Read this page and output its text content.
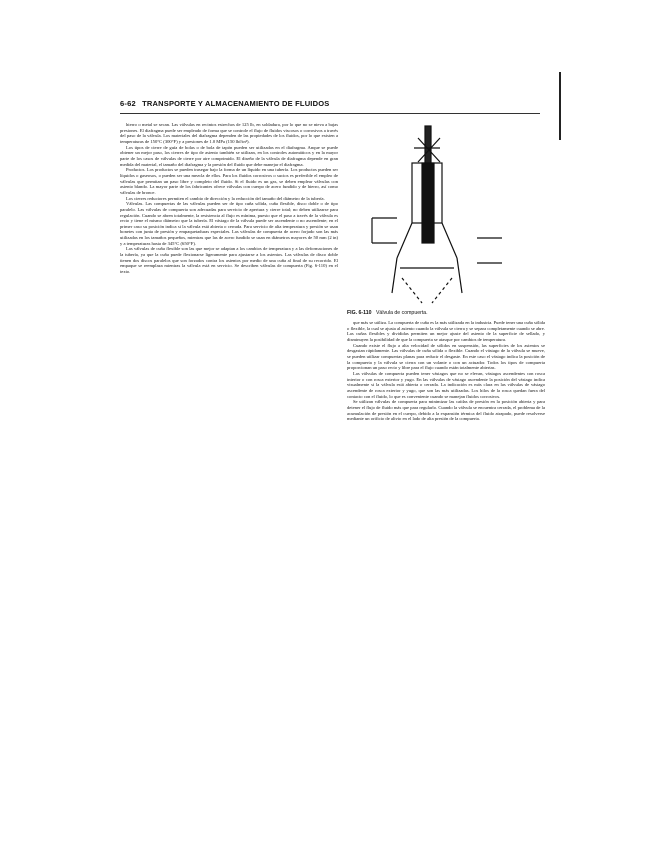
6-62 TRANSPORTE Y ALMACENAMIENTO DE FLUIDOS

hierro o metal se secan. Las válvulas en recintos estrechos de 125 lb, en soldadura, por lo que no se nieva a bajas presiones. El diafragma puede ser empleado de forma que se controle el flujo de fluidos viscosos o corrosivos a través del paso de la válvula. Los materiales del diafragma dependen de las propiedades de los fluidos, por lo que existen a temperaturas de 150°C (300°F) y a presiones de 1.0 MPa (150 lbf/in²).

Los tipos de cierre de guía de bolas o de bola de tapón pueden ser utilizadas en el diafragma. Anque se puede obtener un mejor paso, los cierres de tipo de asiento también se utilizan, en los controles automáticos y en la mayor parte de los casos de válvulas de cierre por aire comprimido. El diseño de la válvula de diafragma depende en gran medida del material, el tamaño del diafragma y la presión del fluido que debe manejar el diafragma.

Productos. Los productos se pueden trasegar bajo la forma de un líquido en una tubería. Los productos pueden ser líquidos o gaseosos, o pueden ser una mezcla de ellos. Para los fluidos corrosivos o sucios es preferible el empleo de válvulas que permitan un paso libre y completo del fluido. Si el fluido es un gas, se deben emplear válvulas con asiento blando. La mayor parte de los fabricantes ofrece válvulas con cuerpo de acero fundido y de hierro, así como válvulas de bronce.

Los cierres reductores permiten el cambio de dirección y la reducción del tamaño del diámetro de la tubería.

Válvulas. Las compuertas de las válvulas pueden ser de tipo cuña sólida, cuña flexible, disco doble o de tipo paralelo. Las válvulas de compuerta son adecuadas para servicio de apertura y cierre total; no deben utilizarse para regulación. Cuando se abren totalmente, la resistencia al flujo es mínima, puesto que el paso a través de la válvula es recto y tiene el mismo diámetro que la tubería. El vástago de la válvula puede ser ascendente o no ascendente; en el primer caso su posición indica si la válvula está abierta o cerrada. Para servicio de alta temperatura y presión se usan bonetes con junta de presión y empaquetaduras especiales. Las válvulas de compuerta de acero forjado son las más utilizadas en los tamaños pequeños, mientras que las de acero fundido se usan en diámetros mayores de 50 mm (2 in) y a temperaturas hasta de 345°C (650°F).

Las válvulas de cuña flexible son las que mejor se adaptan a los cambios de temperatura y a las deformaciones de la tubería, ya que la cuña puede flexionarse ligeramente para ajustarse a los asientos. Las válvulas de disco doble tienen dos discos paralelos que son forzados contra los asientos por medio de una cuña al final de su recorrido. El empaque se reemplaza mientras la válvula está en servicio. Se describen válvulas de compuerta (Fig. 6-110) en el texto.

FIG. 6-110 Válvula de compuerta.

que más se utiliza. La compuerta de cuña es la más utilizada en la industria. Puede tener una cuña sólida o flexible, la cual se ajusta al asiento cuando la válvula se cierra y se separa completamente cuando se abre. Las cuñas flexibles y divididas permiten un mejor ajuste del asiento de la superficie de sellado, y disminuyen la posibilidad de que la compuerta se atasque por cambios de temperatura.

Cuando existe el flujo a alta velocidad de sólidos en suspensión, las superficies de los asientos se desgastan rápidamente. Las válvulas de cuña sólida o flexible. Cuando el vástago de la válvula se mueve, se pueden utilizar compuertas planas para reducir el desgaste. En este caso el vástago indica la posición de la compuerta y la válvula se cierra con un volante o con un actuador. Todos los tipos de compuerta proporcionan un paso recto y libre para el flujo cuando están totalmente abiertas.

Las válvulas de compuerta pueden tener vástagos que no se elevan, vástagos ascendentes con rosca interior o con rosca exterior y yugo. En las válvulas de vástago ascendente la posición del vástago indica visualmente si la válvula está abierta o cerrada. La indicación es más clara en las válvulas de vástago ascendente de rosca exterior y yugo, que son las más utilizadas. Los hilos de la rosca quedan fuera del contacto con el fluido, lo que es conveniente cuando se manejan fluidos corrosivos.

Se utilizan válvulas de compuerta para minimizar las caídas de presión en la posición abierta y para detener el flujo de fluido más que para regularlo. Cuando la válvula se encuentra cerrada, el problema de la acumulación de presión en el cuerpo, debido a la expansión térmica del fluido atrapado, puede resolverse mediante un orificio de alivio en el lado de alta presión de la compuerta.
